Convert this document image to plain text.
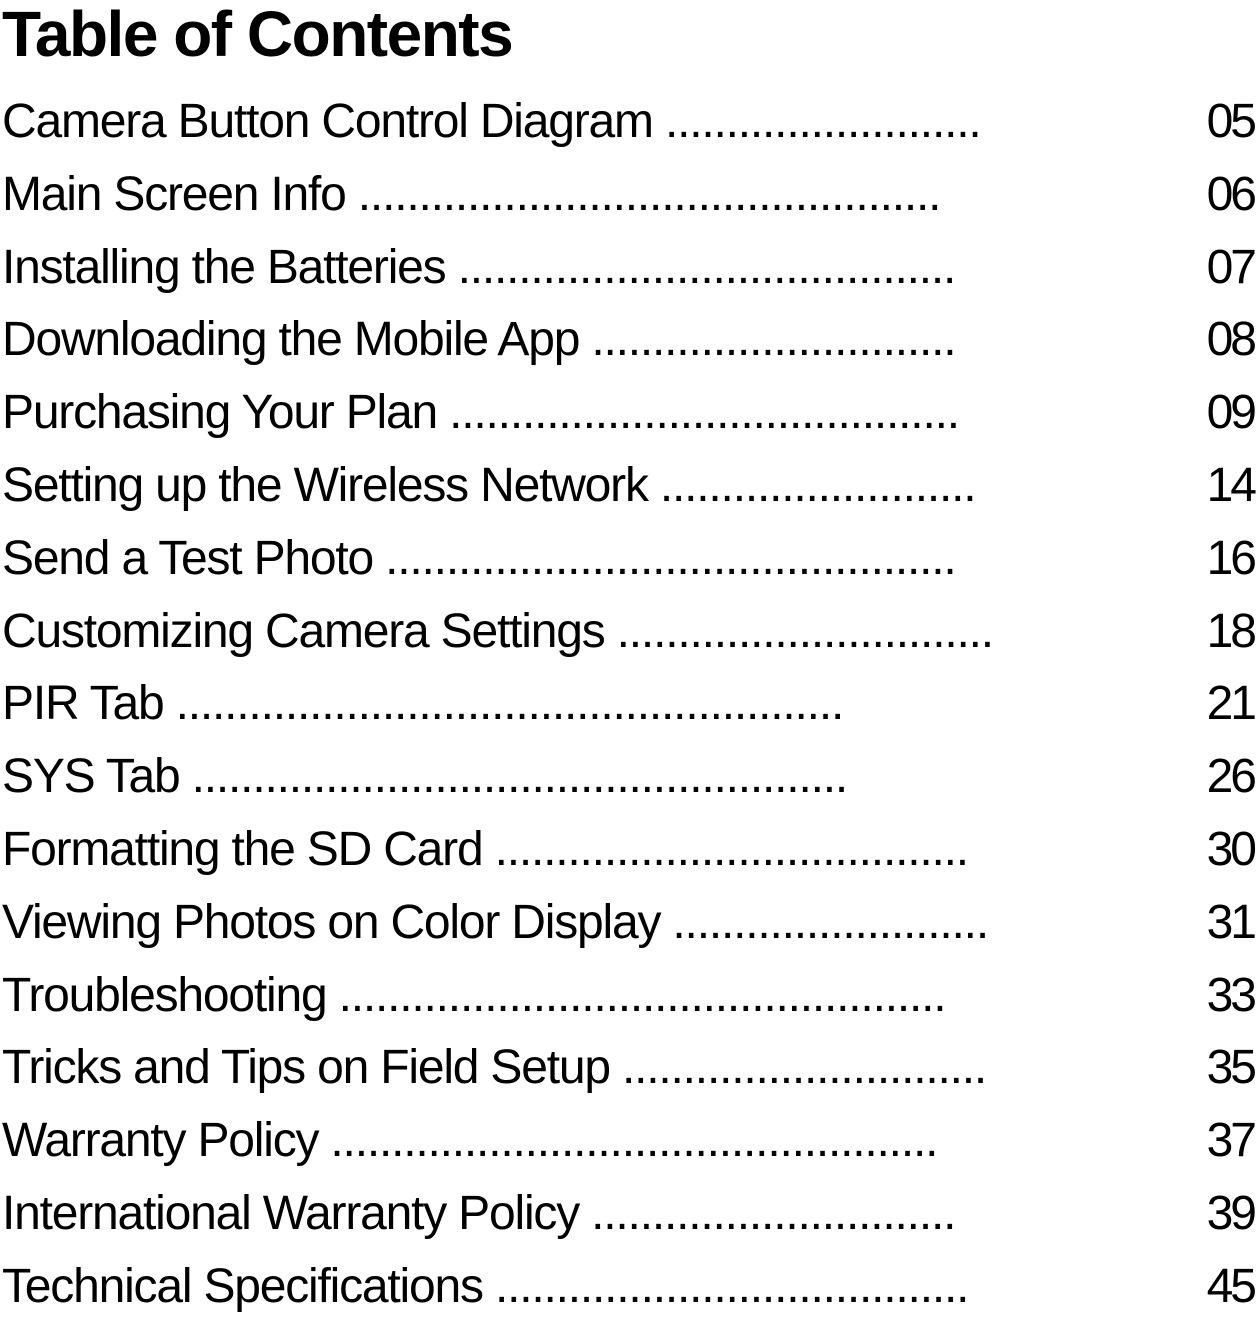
Table of Contents
Camera Button Control Diagram ..........................	05
Main Screen Info ................................................	06
Installing the Batteries .........................................	07
Downloading the Mobile App ..............................	08
Purchasing Your Plan ..........................................	09
Setting up the Wireless Network ..........................	14
Send a Test Photo ...............................................	16
Customizing Camera Settings ...............................	18
PIR Tab .......................................................	21
SYS Tab ......................................................	26
Formatting the SD Card .......................................	30
Viewing Photos on Color Display ..........................	31
Troubleshooting ..................................................	33
Tricks and Tips on Field Setup ..............................	35
Warranty Policy ..................................................	37
International Warranty Policy ..............................	39
Technical Specifications .......................................	45
